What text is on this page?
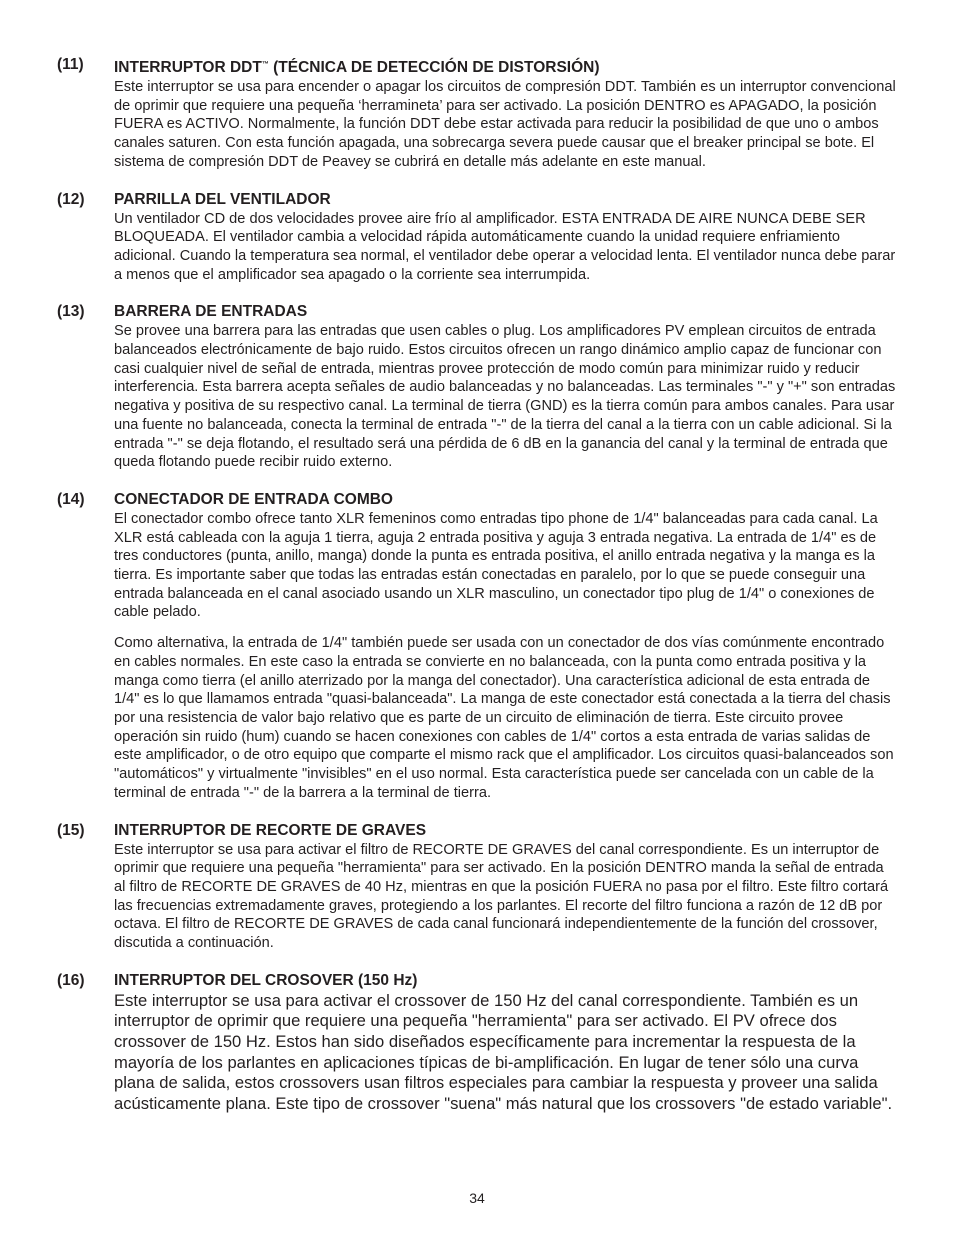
(11)	INTERRUPTOR DDT™ (TÉCNICA DE DETECCIÓN DE DISTORSIÓN)

Este interruptor se usa para encender o apagar los circuitos de compresión DDT. También es un interruptor convencional de oprimir que requiere una pequeña ‘herramineta’ para ser activado. La posición DENTRO es APAGADO, la posición FUERA es ACTIVO. Normalmente, la función DDT debe estar activada para reducir la posibilidad de que uno o ambos canales saturen. Con esta función apagada, una sobrecarga severa puede causar que el breaker principal se bote. El sistema de compresión DDT de Peavey se cubrirá en detalle más adelante en este manual.

(12)	PARRILLA DEL VENTILADOR

Un ventilador CD de dos velocidades provee aire frío al amplificador. ESTA ENTRADA DE AIRE NUNCA DEBE SER BLOQUEADA. El ventilador cambia a velocidad rápida automáticamente cuando la unidad requiere enfriamiento adicional. Cuando la temperatura sea normal, el ventilador debe operar a velocidad lenta. El ventilador nunca debe parar a menos que el amplificador sea apagado o la corriente sea interrumpida.

(13)	BARRERA DE ENTRADAS

Se provee una barrera para las entradas que usen cables o plug. Los amplificadores PV emplean circuitos de entrada balanceados electrónicamente de bajo ruido. Estos circuitos ofrecen un rango dinámico amplio capaz de funcionar con casi cualquier nivel de señal de entrada, mientras provee protección de modo común para minimizar ruido y reducir interferencia. Esta barrera acepta señales de audio balanceadas y no balanceadas. Las terminales "-" y "+" son entradas negativa y positiva de su respectivo canal. La terminal de tierra (GND) es la tierra común para ambos canales. Para usar una fuente no balanceada, conecta la terminal de entrada "-" de la tierra del canal a la tierra con un cable adicional. Si la entrada "-" se deja flotando, el resultado será una pérdida de 6 dB en la ganancia del canal y la terminal de entrada que queda flotando puede recibir ruido externo.

(14)	CONECTADOR DE ENTRADA COMBO

El conectador combo ofrece tanto XLR femeninos como entradas tipo phone de 1/4" balanceadas para cada canal. La XLR está cableada con la aguja 1 tierra, aguja 2 entrada positiva y aguja 3 entrada negativa. La entrada de 1/4" es de tres conductores (punta, anillo, manga) donde la punta es entrada positiva, el anillo entrada negativa y la manga es la tierra. Es importante saber que todas las entradas están conectadas en paralelo, por lo que se puede conseguir una entrada balanceada en el canal asociado usando un XLR masculino, un conectador tipo plug de 1/4" o conexiones de cable pelado.

Como alternativa, la entrada de 1/4" también puede ser usada con un conectador de dos vías comúnmente encontrado en cables normales. En este caso la entrada se convierte en no balanceada, con la punta como entrada positiva y la manga como tierra (el anillo aterrizado por la manga del conectador). Una característica adicional de esta entrada de 1/4" es lo que llamamos entrada "quasi-balanceada". La manga de este conectador está conectada a la tierra del chasis por una resistencia de valor bajo relativo que es parte de un circuito de eliminación de tierra. Este circuito provee operación sin ruido (hum) cuando se hacen conexiones con cables de 1/4" cortos a esta entrada de varias salidas de este amplificador, o de otro equipo que comparte el mismo rack que el amplificador. Los circuitos quasi-balanceados son "automáticos" y virtualmente "invisibles" en el uso normal. Esta característica puede ser cancelada con un cable de la terminal de entrada "-" de la barrera a la terminal de tierra.

(15)	INTERRUPTOR DE RECORTE DE GRAVES

Este interruptor se usa para activar el filtro de RECORTE DE GRAVES del canal correspondiente. Es un interruptor de oprimir que requiere una pequeña "herramienta" para ser activado. En la posición DENTRO manda la señal de entrada al filtro de RECORTE DE GRAVES de 40 Hz, mientras en que la posición FUERA no pasa por el filtro. Este filtro cortará las frecuencias extremadamente graves, protegiendo a los parlantes. El recorte del filtro funciona a razón de 12 dB por octava. El filtro de RECORTE DE GRAVES de cada canal funcionará independientemente de la función del crossover, discutida a continuación.

(16)	INTERRUPTOR DEL CROSOVER (150 Hz)

Este interruptor se usa para activar el crossover de 150 Hz del canal correspondiente. También es un interruptor de oprimir que requiere una pequeña "herramienta" para ser activado. El PV ofrece dos crossover de 150 Hz. Estos han sido diseñados específicamente para incrementar la respuesta de la mayoría de los parlantes en aplicaciones típicas de bi-amplificación. En lugar de tener sólo una curva plana de salida, estos crossovers usan filtros especiales para cambiar la respuesta y proveer una salida acústicamente plana. Este tipo de crossover "suena" más natural que los crossovers "de estado variable".

34
